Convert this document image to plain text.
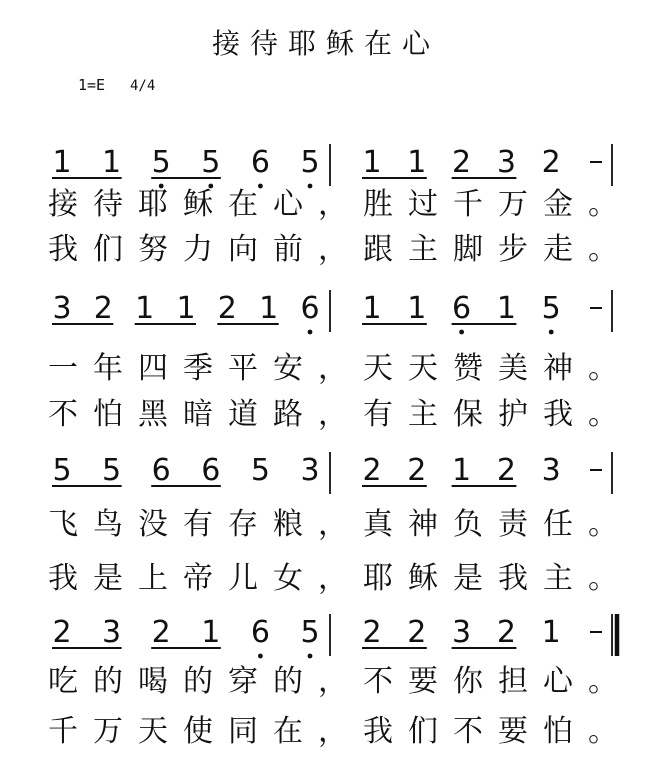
接待耶稣在心
1=E 4/4
1 1 5 5 6 5 1 1 2 3 2
3 2 1 1 2 1 6 1 1 6 1 5
5 5 6 6 5 3 2 2 1 2 3
2 3 2 1 6 5 2 2 3 2 1
接待耶稣在心，胜过千万金。
我们努力向前，跟主脚步走。
一年四季平安，天天赞美神。
不怕黑暗道路，有主保护我。
飞鸟没有存粮，真神负责任。
我是上帝儿女，耶稣是我主。
吃的喝的穿的，不要你担心。
千万天使同在，我们不要怕。
